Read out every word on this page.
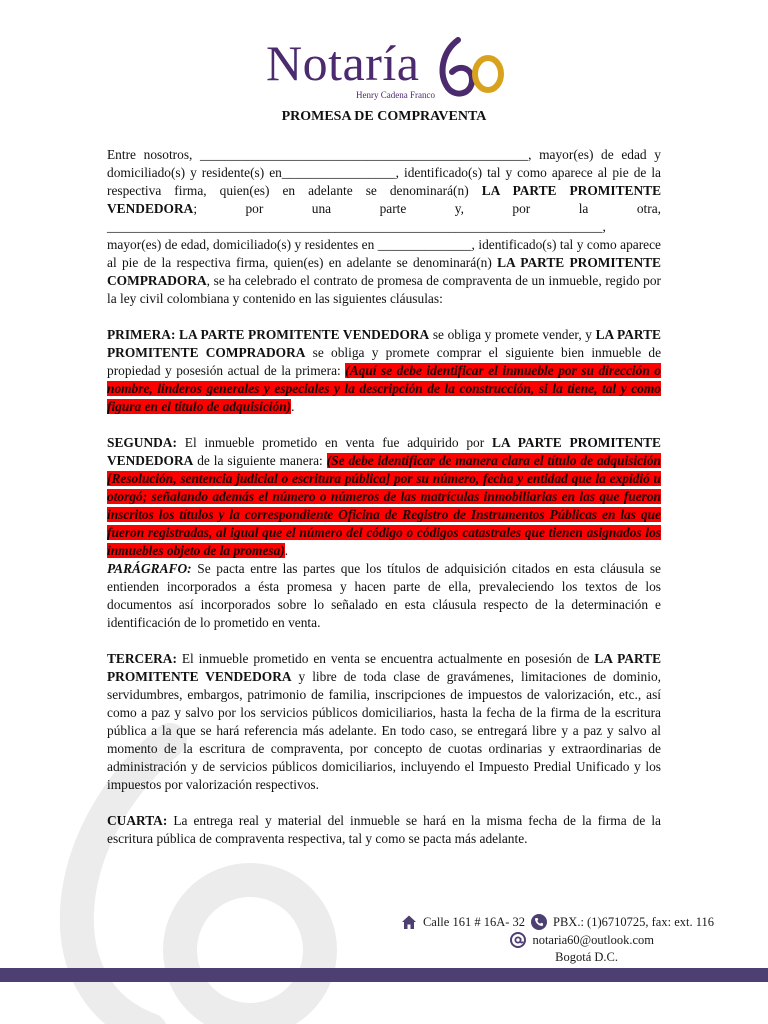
Notaría
Henry Cadena Franco
PROMESA DE COMPRAVENTA

Entre nosotros, _________________________________________________, mayor(es) de edad y domiciliado(s) y residente(s) en_________________, identificado(s) tal y como aparece al pie de la respectiva firma, quien(es) en adelante se denominará(n) LA PARTE PROMITENTE VENDEDORA; por una parte y, por la otra, __________________________________________________________________________, mayor(es) de edad, domiciliado(s) y residentes en ______________, identificado(s) tal y como aparece al pie de la respectiva firma, quien(es) en adelante se denominará(n) LA PARTE PROMITENTE COMPRADORA, se ha celebrado el contrato de promesa de compraventa de un inmueble, regido por la ley civil colombiana y contenido en las siguientes cláusulas:

PRIMERA: LA PARTE PROMITENTE VENDEDORA se obliga y promete vender, y LA PARTE PROMITENTE COMPRADORA se obliga y promete comprar el siguiente bien inmueble de propiedad y posesión actual de la primera: (Aquí se debe identificar el inmueble por su dirección o nombre, linderos generales y especiales y la descripción de la construcción, si la tiene, tal y como figura en el título de adquisición).

SEGUNDA: El inmueble prometido en venta fue adquirido por LA PARTE PROMITENTE VENDEDORA de la siguiente manera: (Se debe identificar de manera clara el título de adquisición [Resolución, sentencia judicial o escritura pública] por su número, fecha y entidad que la expidió u otorgó; señalando además el número o números de las matrículas inmobiliarias en las que fueron inscritos los títulos y la correspondiente Oficina de Registro de Instrumentos Públicas en las que fueron registradas, al igual que el número del código o códigos catastrales que tienen asignados los inmuebles objeto de la promesa).

PARÁGRAFO: Se pacta entre las partes que los títulos de adquisición citados en esta cláusula se entienden incorporados a ésta promesa y hacen parte de ella, prevaleciendo los textos de los documentos así incorporados sobre lo señalado en esta cláusula respecto de la determinación e identificación de lo prometido en venta.

TERCERA: El inmueble prometido en venta se encuentra actualmente en posesión de LA PARTE PROMITENTE VENDEDORA y libre de toda clase de gravámenes, limitaciones de dominio, servidumbres, embargos, patrimonio de familia, inscripciones de impuestos de valorización, etc., así como a paz y salvo por los servicios públicos domiciliarios, hasta la fecha de la firma de la escritura pública a la que se hará referencia más adelante. En todo caso, se entregará libre y a paz y salvo al momento de la escritura de compraventa, por concepto de cuotas ordinarias y extraordinarias de administración y de servicios públicos domiciliarios, incluyendo el Impuesto Predial Unificado y los impuestos por valorización respectivos.

CUARTA: La entrega real y material del inmueble se hará en la misma fecha de la firma de la escritura pública de compraventa respectiva, tal y como se pacta más adelante.

Calle 161 # 16A- 32 PBX.: (1)6710725, fax: ext. 116
notaria60@outlook.com
Bogotá D.C.
